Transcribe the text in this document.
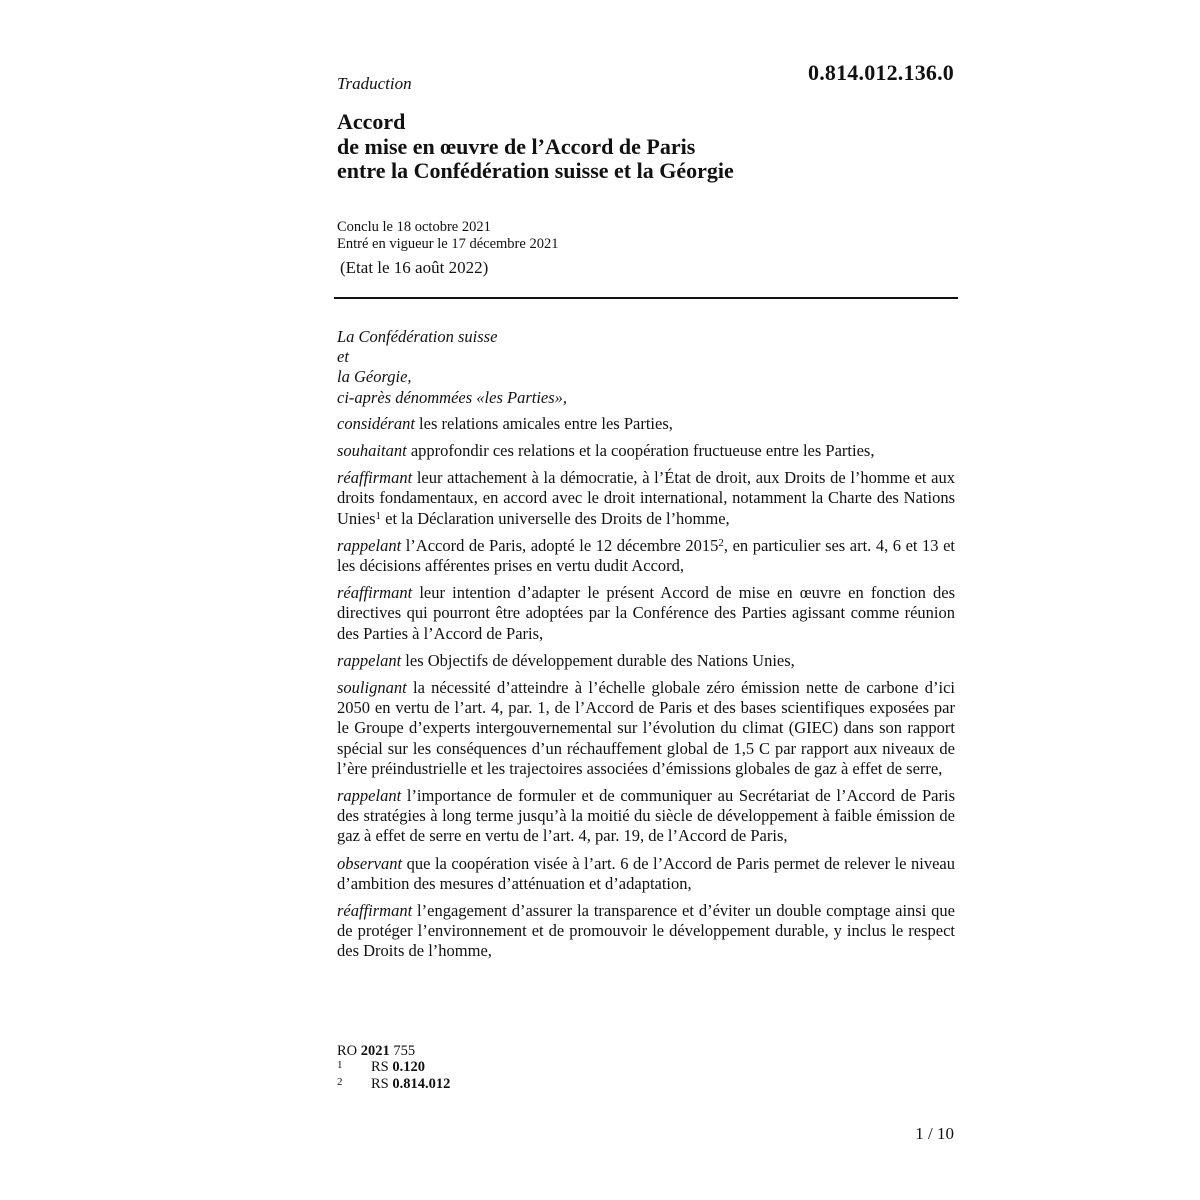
0.814.012.136.0
Traduction
Accord
de mise en œuvre de l’Accord de Paris
entre la Confédération suisse et la Géorgie
Conclu le 18 octobre 2021
Entré en vigueur le 17 décembre 2021
(Etat le 16 août 2022)
La Confédération suisse
et
la Géorgie,
ci-après dénommées «les Parties»,

considérant les relations amicales entre les Parties,

souhaitant approfondir ces relations et la coopération fructueuse entre les Parties,

réaffirmant leur attachement à la démocratie, à l’État de droit, aux Droits de l’homme et aux droits fondamentaux, en accord avec le droit international, notamment la Charte des Nations Unies$^1$ et la Déclaration universelle des Droits de l’homme,

rappelant l’Accord de Paris, adopté le 12 décembre 2015$^2$, en particulier ses art. 4, 6 et 13 et les décisions afférentes prises en vertu dudit Accord,

réaffirmant leur intention d’adapter le présent Accord de mise en œuvre en fonction des directives qui pourront être adoptées par la Conférence des Parties agissant comme réunion des Parties à l’Accord de Paris,

rappelant les Objectifs de développement durable des Nations Unies,

soulignant la nécessité d’atteindre à l’échelle globale zéro émission nette de carbone d’ici 2050 en vertu de l’art. 4, par. 1, de l’Accord de Paris et des bases scientifiques exposées par le Groupe d’experts intergouvernemental sur l’évolution du climat (GIEC) dans son rapport spécial sur les conséquences d’un réchauffement global de 1,5 C par rapport aux niveaux de l’ère préindustrielle et les trajectoires associées d’émissions globales de gaz à effet de serre,

rappelant l’importance de formuler et de communiquer au Secrétariat de l’Accord de Paris des stratégies à long terme jusqu’à la moitié du siècle de développement à faible émission de gaz à effet de serre en vertu de l’art. 4, par. 19, de l’Accord de Paris,

observant que la coopération visée à l’art. 6 de l’Accord de Paris permet de relever le niveau d’ambition des mesures d’atténuation et d’adaptation,

réaffirmant l’engagement d’assurer la transparence et d’éviter un double comptage ainsi que de protéger l’environnement et de promouvoir le développement durable, y inclus le respect des Droits de l’homme,

RO 2021 755
1	RS 0.120
2	RS 0.814.012
1 / 10
